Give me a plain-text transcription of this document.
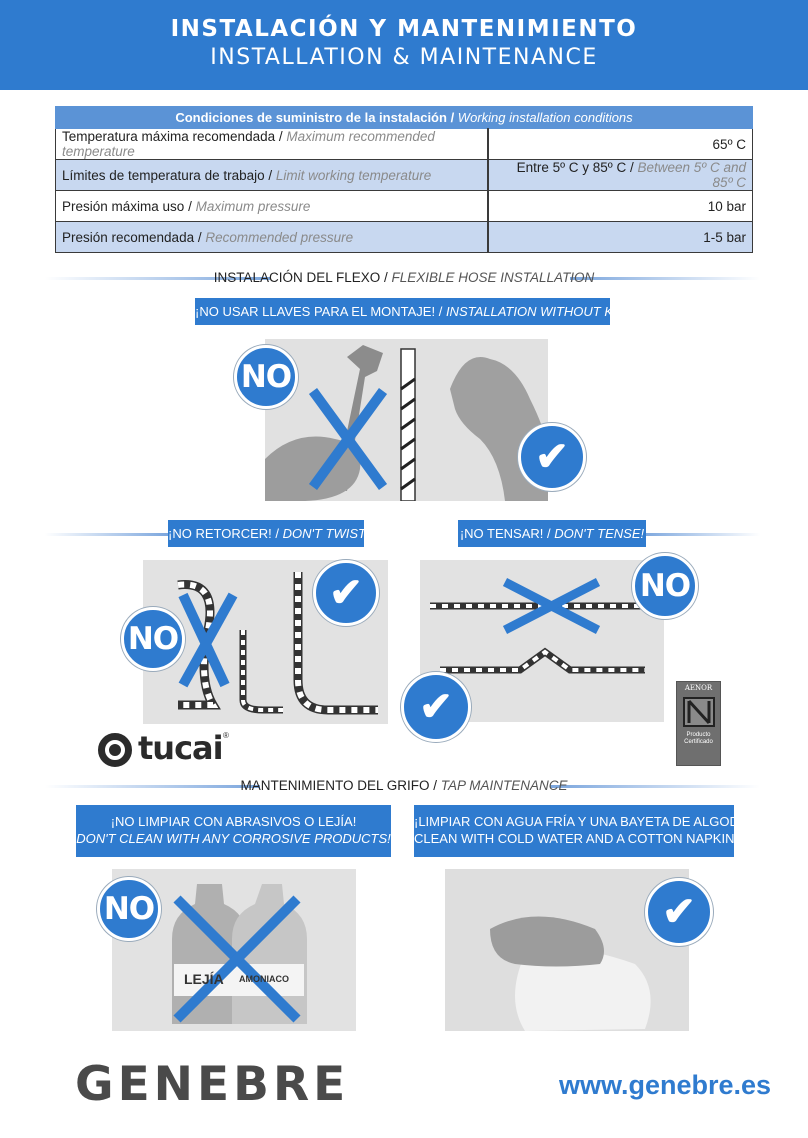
INSTALACIÓN Y MANTENIMIENTO
INSTALLATION & MAINTENANCE
Condiciones de suministro de la instalación / Working installation conditions	
Temperatura máxima recomendada / Maximum recommended temperature	65º C
Límites de temperatura de trabajo / Limit working temperature	Entre 5º C y 85º C / Between 5º C and 85º C
Presión máxima uso / Maximum pressure	10 bar
Presión recomendada / Recommended pressure	1-5 bar
INSTALACIÓN DEL FLEXO / FLEXIBLE HOSE INSTALLATION
¡NO USAR LLAVES PARA EL MONTAJE! / INSTALLATION WITHOUT KEYS!
NO
✔
¡NO RETORCER! / DON'T TWIST!	¡NO TENSAR! / DON'T TENSE!
NO
✔	NO
✔
tucai ®
AENOR
Producto
Certificado
MANTENIMIENTO DEL GRIFO / TAP MAINTENANCE
¡NO LIMPIAR CON ABRASIVOS O LEJÍA!
DON'T CLEAN WITH ANY CORROSIVE PRODUCTS!
¡LIMPIAR CON AGUA FRÍA Y UNA BAYETA DE ALGODÓN!
CLEAN WITH COLD WATER AND A COTTON NAPKIN!
LEJÍA AMONIACO
NO	✔
GENEBRE	www.genebre.es
